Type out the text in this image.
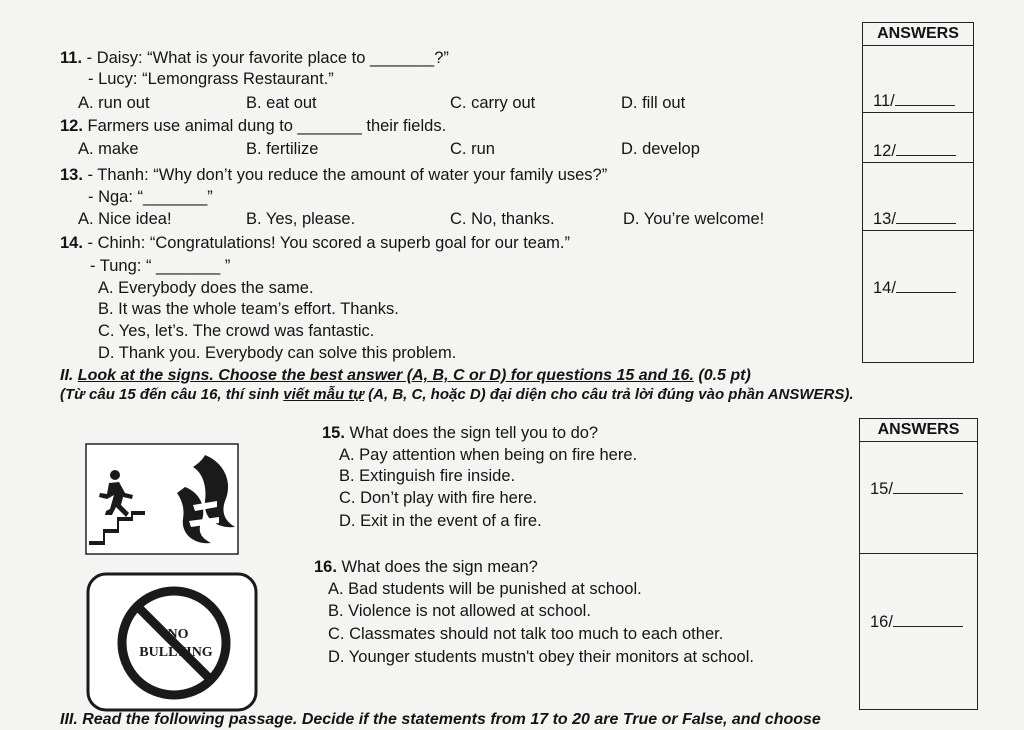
11. - Daisy: “What is your favorite place to _______?”
- Lucy: “Lemongrass Restaurant.”
A. run out	B. eat out	C. carry out	D. fill out
12. Farmers use animal dung to _______ their fields.
A. make	B. fertilize	C. run	D. develop
13. - Thanh: “Why don’t you reduce the amount of water your family uses?”
- Nga: “_______”
A. Nice idea!	B. Yes, please.	C. No, thanks.	D. You’re welcome!
14. - Chinh: “Congratulations! You scored a superb goal for our team.”
- Tung: “ _______ ”
A. Everybody does the same.
B. It was the whole team’s effort. Thanks.
C. Yes, let’s. The crowd was fantastic.
D. Thank you. Everybody can solve this problem.
ANSWERS
11/
12/
13/
14/
II. Look at the signs. Choose the best answer (A, B, C or D) for questions 15 and 16. (0.5 pt)
(Từ câu 15 đến câu 16, thí sinh viết mẫu tự (A, B, C, hoặc D) đại diện cho câu trả lời đúng vào phần ANSWERS).
15. What does the sign tell you to do?
A. Pay attention when being on fire here.
B. Extinguish fire inside.
C. Don’t play with fire here.
D. Exit in the event of a fire.
16. What does the sign mean?
A. Bad students will be punished at school.
B. Violence is not allowed at school.
C. Classmates should not talk too much to each other.
D. Younger students mustn't obey their monitors at school.
NO
BULLYING
ANSWERS
15/
16/
III. Read the following passage. Decide if the statements from 17 to 20 are True or False, and choose
